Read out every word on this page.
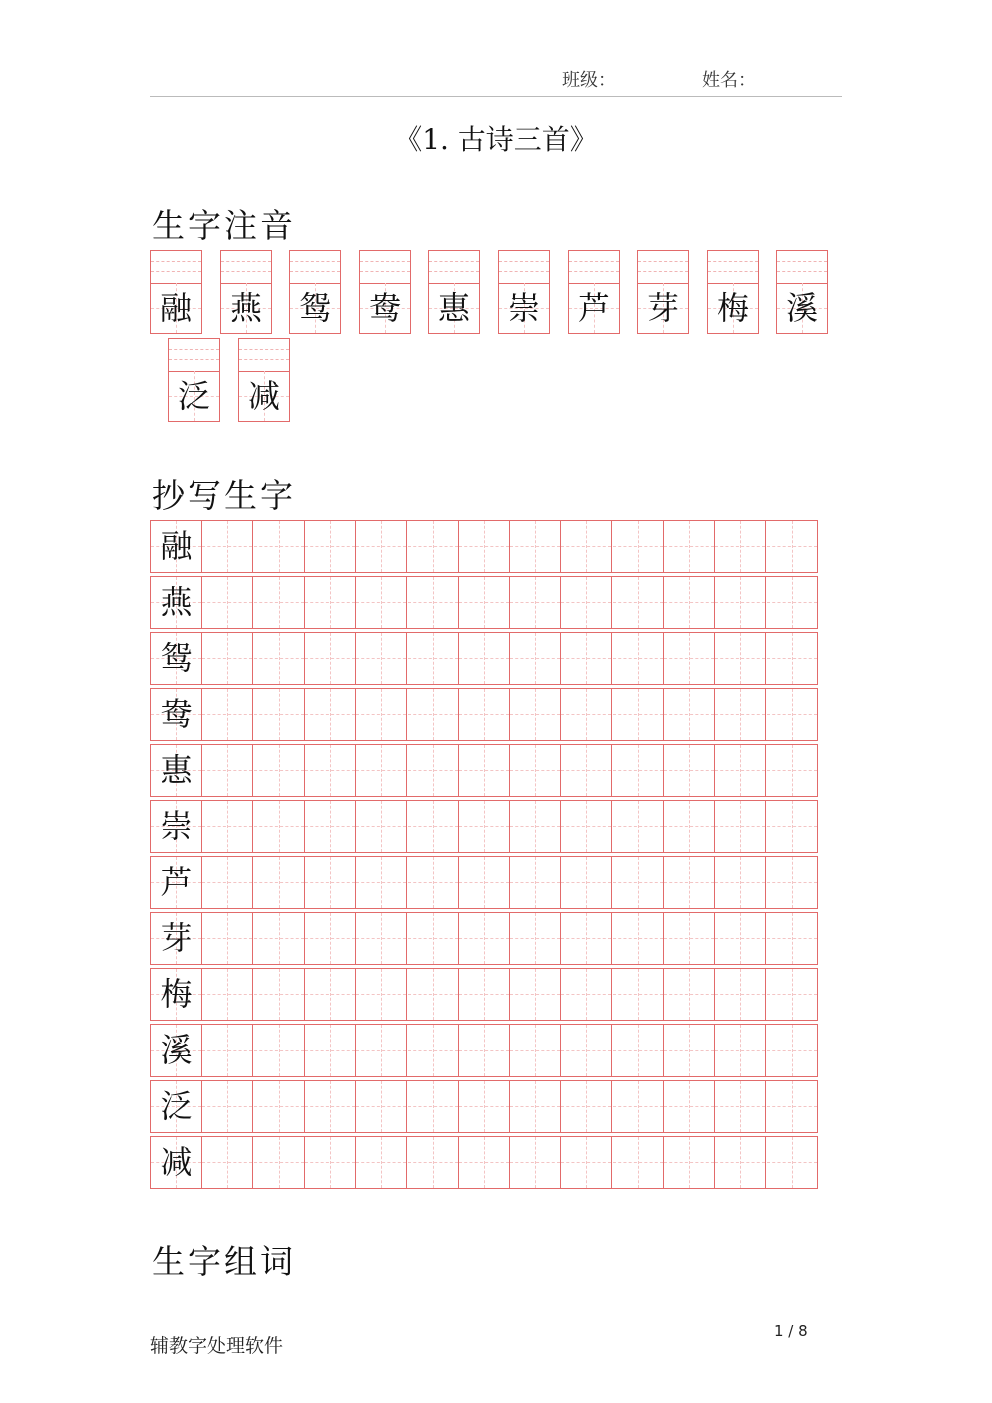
班级：	姓名：
《1. 古诗三首》
生字注音
融 燕 鸳 鸯 惠 崇 芦 芽 梅 溪
泛 减
抄写生字
融
燕
鸳
鸯
惠
崇
芦
芽
梅
溪
泛
减
生字组词
辅教字处理软件
1 / 8
